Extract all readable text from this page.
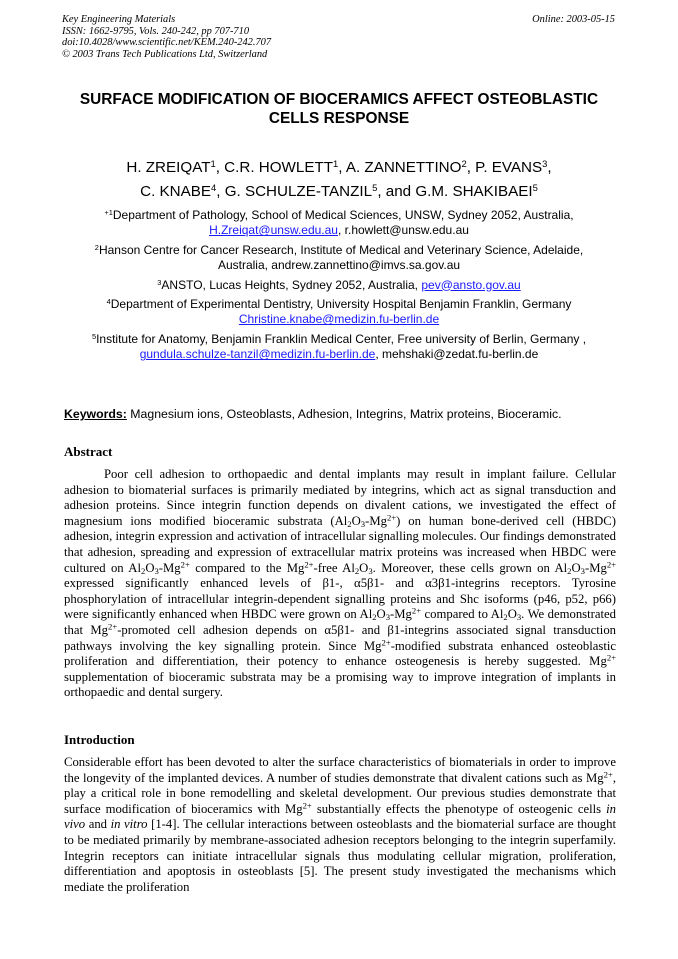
Key Engineering Materials
ISSN: 1662-9795, Vols. 240-242, pp 707-710
doi:10.4028/www.scientific.net/KEM.240-242.707
© 2003 Trans Tech Publications Ltd, Switzerland

Online: 2003-05-15
SURFACE MODIFICATION OF BIOCERAMICS AFFECT OSTEOBLASTIC
CELLS RESPONSE
H. ZREIQAT$^1$, C.R. HOWLETT$^1$, A. ZANNETTINO$^2$, P. EVANS$^3$,
C. KNABE$^4$, G. SCHULZE-TANZIL$^5$, and G.M. SHAKIBAEI$^5$

$^{+1}$Department of Pathology, School of Medical Sciences, UNSW, Sydney 2052, Australia,
H.Zreiqat@unsw.edu.au, r.howlett@unsw.edu.au

$^2$Hanson Centre for Cancer Research, Institute of Medical and Veterinary Science, Adelaide,
Australia, andrew.zannettino@imvs.sa.gov.au

$^3$ANSTO, Lucas Heights, Sydney 2052, Australia, pev@ansto.gov.au

$^4$Department of Experimental Dentistry, University Hospital Benjamin Franklin, Germany
Christine.knabe@medizin.fu-berlin.de

$^5$Institute for Anatomy, Benjamin Franklin Medical Center, Free university of Berlin, Germany ,
gundula.schulze-tanzil@medizin.fu-berlin.de, mehshaki@zedat.fu-berlin.de

Keywords: Magnesium ions, Osteoblasts, Adhesion, Integrins, Matrix proteins, Bioceramic.
Abstract

Poor cell adhesion to orthopaedic and dental implants may result in implant failure. Cellular adhesion to biomaterial surfaces is primarily mediated by integrins, which act as signal transduction and adhesion proteins. Since integrin function depends on divalent cations, we investigated the effect of magnesium ions modified bioceramic substrata $(Al_2O_3-Mg^{2+})$ on human bone-derived cell (HBDC) adhesion, integrin expression and activation of intracellular signalling molecules. Our findings demonstrated that adhesion, spreading and expression of extracellular matrix proteins was increased when HBDC were cultured on $Al_2O_3-Mg^{2+}$ compared to the $Mg^{2+}$-free $Al_2O_3$. Moreover, these cells grown on $Al_2O_3-Mg^{2+}$ expressed significantly enhanced levels of β1-, α5β1- and α3β1-integrins receptors. Tyrosine phosphorylation of intracellular integrin-dependent signalling proteins and Shc isoforms (p46, p52, p66) were significantly enhanced when HBDC were grown on $Al_2O_3-Mg^{2+}$ compared to $Al_2O_3$. We demonstrated that $Mg^{2+}$-promoted cell adhesion depends on α5β1- and β1-integrins associated signal transduction pathways involving the key signalling protein. Since $Mg^{2+}$-modified substrata enhanced osteoblastic proliferation and differentiation, their potency to enhance osteogenesis is hereby suggested. $Mg^{2+}$ supplementation of bioceramic substrata may be a promising way to improve integration of implants in orthopaedic and dental surgery.

Introduction

Considerable effort has been devoted to alter the surface characteristics of biomaterials in order to improve the longevity of the implanted devices. A number of studies demonstrate that divalent cations such as $Mg^{2+}$, play a critical role in bone remodelling and skeletal development. Our previous studies demonstrate that surface modification of bioceramics with $Mg^{2+}$ substantially effects the phenotype of osteogenic cells in vivo and in vitro [1-4]. The cellular interactions between osteoblasts and the biomaterial surface are thought to be mediated primarily by membrane-associated adhesion receptors belonging to the integrin superfamily. Integrin receptors can initiate intracellular signals thus modulating cellular migration, proliferation, differentiation and apoptosis in osteoblasts [5]. The present study investigated the mechanisms which mediate the proliferation
